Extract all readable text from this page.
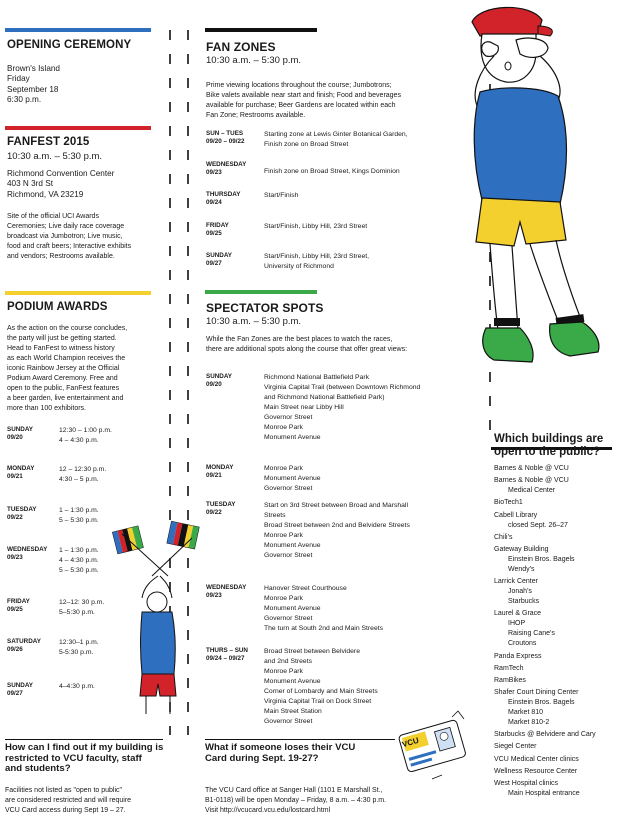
OPENING CEREMONY
Brown's Island
Friday
September 18
6:30 p.m.
FANFEST 2015
10:30 a.m. – 5:30 p.m.
Richmond Convention Center
403 N 3rd St
Richmond, VA 23219
Site of the official UCI Awards
Ceremonies; Live daily race coverage
broadcast via Jumbotron; Live music,
food and craft beers; Interactive exhibits
and vendors; Restrooms available.
PODIUM AWARDS
As the action on the course concludes,
the party will just be getting started.
Head to FanFest to witness history
as each World Champion receives the
iconic Rainbow Jersey at the Official
Podium Award Ceremony. Free and
open to the public, FanFest features
a beer garden, live entertainment and
more than 100 exhibitors.
SUNDAY
09/20
12:30 – 1:00 p.m.
4 – 4:30 p.m.
MONDAY
09/21
12 – 12:30 p.m.
4:30 – 5 p.m.
TUESDAY
09/22
1 – 1:30 p.m.
5 – 5:30 p.m.
WEDNESDAY
09/23
1 – 1:30 p.m.
4 – 4:30 p.m.
5 – 5:30 p.m.
FRIDAY
09/25
12–12: 30 p.m.
5–5:30 p.m.
SATURDAY
09/26
12:30–1 p.m.
5-5:30 p.m.
SUNDAY
09/27
4–4:30 p.m.
FAN ZONES
10:30 a.m. – 5:30 p.m.
Prime viewing locations throughout the course; Jumbotrons;
Bike valets available near start and finish; Food and beverages
available for purchase; Beer Gardens are located within each
Fan Zone; Restrooms available.
SUN – TUES
09/20 – 09/22
Starting zone at Lewis Ginter Botanical Garden,
Finish zone on Broad Street
WEDNESDAY
09/23	Finish zone on Broad Street, Kings Dominion
THURSDAY
09/24
Start/Finish
FRIDAY
09/25
Start/Finish, Libby Hill, 23rd Street
SUNDAY
09/27
Start/Finish, Libby Hill, 23rd Street,
University of Richmond
SPECTATOR SPOTS
10:30 a.m. – 5:30 p.m.
While the Fan Zones are the best places to watch the races,
there are additional spots along the course that offer great views:
SUNDAY
09/20
Richmond National Battlefield Park
Virginia Capital Trail (between Downtown Richmond
and Richmond National Battlefield Park)
Main Street near Libby Hill
Governor Street
Monroe Park
Monument Avenue
MONDAY
09/21
Monroe Park
Monument Avenue
Governor Street
TUESDAY
09/22
Start on 3rd Street between Broad and Marshall
Streets
Broad Street between 2nd and Belvidere Streets
Monroe Park
Monument Avenue
Governor Street
WEDNESDAY
09/23
Hanover Street Courthouse
Monroe Park
Monument Avenue
Governor Street
The turn at South 2nd and Main Streets
THURS – SUN
09/24 – 09/27
Broad Street between Belvidere
and 2nd Streets
Monroe Park
Monument Avenue
Corner of Lombardy and Main Streets
Virginia Capital Trail on Dock Street
Main Street Station
Governor Street
Which buildings are
open to the public?
Barnes & Noble @ VCU
Barnes & Noble @ VCU
Medical Center
BioTech1
Cabell Library
closed Sept. 26–27
Chili's
Gateway Building
Einstein Bros. Bagels
Wendy's
Larrick Center
Jonah's
Starbucks
Laurel & Grace
IHOP
Raising Cane's
Croutons
Panda Express
RamTech
RamBikes
Shafer Court Dining Center
Einstein Bros. Bagels
Market 810
Market 810-2
Starbucks @ Belvidere and Cary
Siegel Center
VCU Medical Center clinics
Wellness Resource Center
West Hospital clinics
Main Hospital entrance
How can I find out if my building is
restricted to VCU faculty, staff
and students?
Facilities not listed as "open to public"
are considered restricted and will require
VCU Card access during Sept 19 – 27.
What if someone loses their VCU
Card during Sept. 19-27?
The VCU Card office at Sanger Hall (1101 E Marshall St.,
B1-0118) will be open Monday – Friday, 8 a.m. – 4:30 p.m.
Visit http://vcucard.vcu.edu/lostcard.html
VCU
